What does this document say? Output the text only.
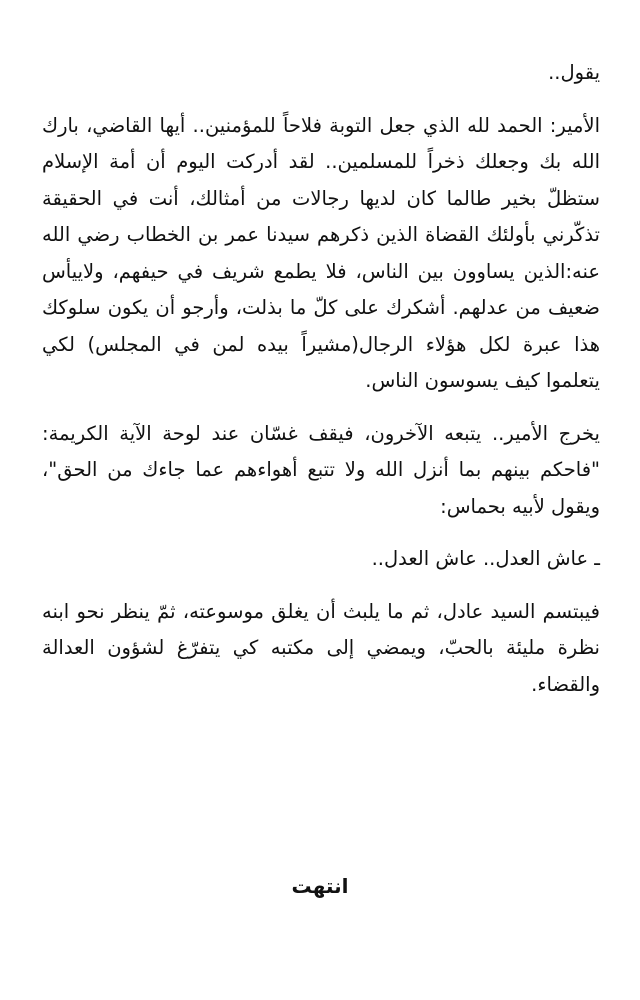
يقول..

الأمير: الحمد لله الذي جعل التوبة فلاحاً للمؤمنين.. أيها القاضي، بارك الله بك وجعلك ذخراً للمسلمين.. لقد أدركت اليوم أن أمة الإسلام ستظلّ بخير طالما كان لديها رجالات من أمثالك، أنت في الحقيقة تذكّرني بأولئك القضاة الذين ذكرهم سيدنا عمر بن الخطاب رضي الله عنه:الذين يساوون بين الناس، فلا يطمع شريف في حيفهم، ولاييأس ضعيف من عدلهم. أشكرك على كلّ ما بذلت، وأرجو أن يكون سلوكك هذا عبرة لكل هؤلاء الرجال(مشيراً بيده لمن في المجلس) لكي يتعلموا كيف يسوسون الناس.

يخرج الأمير.. يتبعه الآخرون، فيقف غسّان عند لوحة الآية الكريمة: "فاحكم بينهم بما أنزل الله ولا تتبع أهواءهم عما جاءك من الحق"، ويقول لأبيه بحماس:

ـ عاش العدل.. عاش العدل..

فيبتسم السيد عادل، ثم ما يلبث أن يغلق موسوعته، ثمّ ينظر نحو ابنه نظرة مليئة بالحبّ، ويمضي إلى مكتبه كي يتفرّغ لشؤون العدالة والقضاء.

انتهت
